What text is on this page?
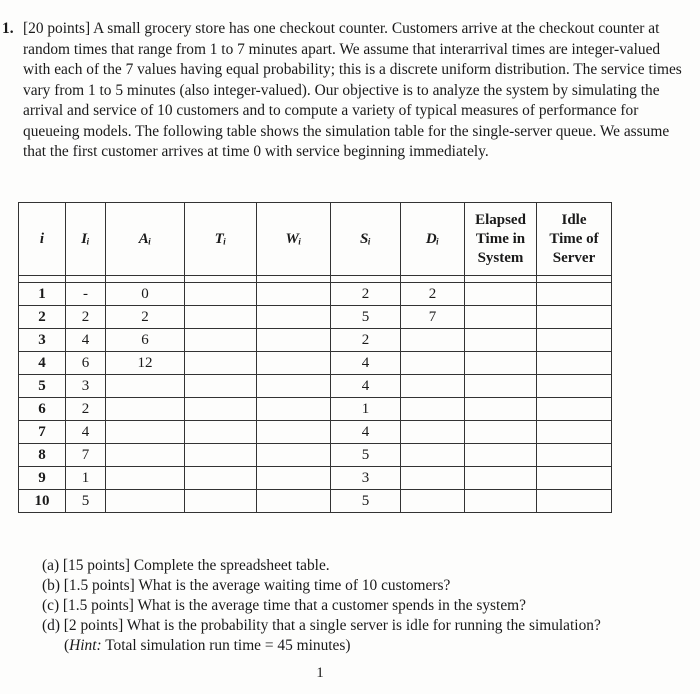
1. [20 points] A small grocery store has one checkout counter. Customers arrive at the checkout counter at random times that range from 1 to 7 minutes apart. We assume that interarrival times are integer-valued with each of the 7 values having equal probability; this is a discrete uniform distribution. The service times vary from 1 to 5 minutes (also integer-valued). Our objective is to analyze the system by simulating the arrival and service of 10 customers and to compute a variety of typical measures of performance for queueing models. The following table shows the simulation table for the single-server queue. We assume that the first customer arrives at time 0 with service beginning immediately.
i	Iᵢ	Aᵢ	Tᵢ	Wᵢ	Sᵢ	Dᵢ	Elapsed
Time in
System	Idle
Time of
Server

1	-	0			2	2		
2	2	2			5	7		
3	4	6			2			
4	6	12			4			
5	3				4			
6	2				1			
7	4				4			
8	7				5			
9	1				3			
10	5				5			
(a) [15 points] Complete the spreadsheet table.
(b) [1.5 points] What is the average waiting time of 10 customers?
(c) [1.5 points] What is the average time that a customer spends in the system?
(d) [2 points] What is the probability that a single server is idle for running the simulation?
(Hint: Total simulation run time = 45 minutes)
1
